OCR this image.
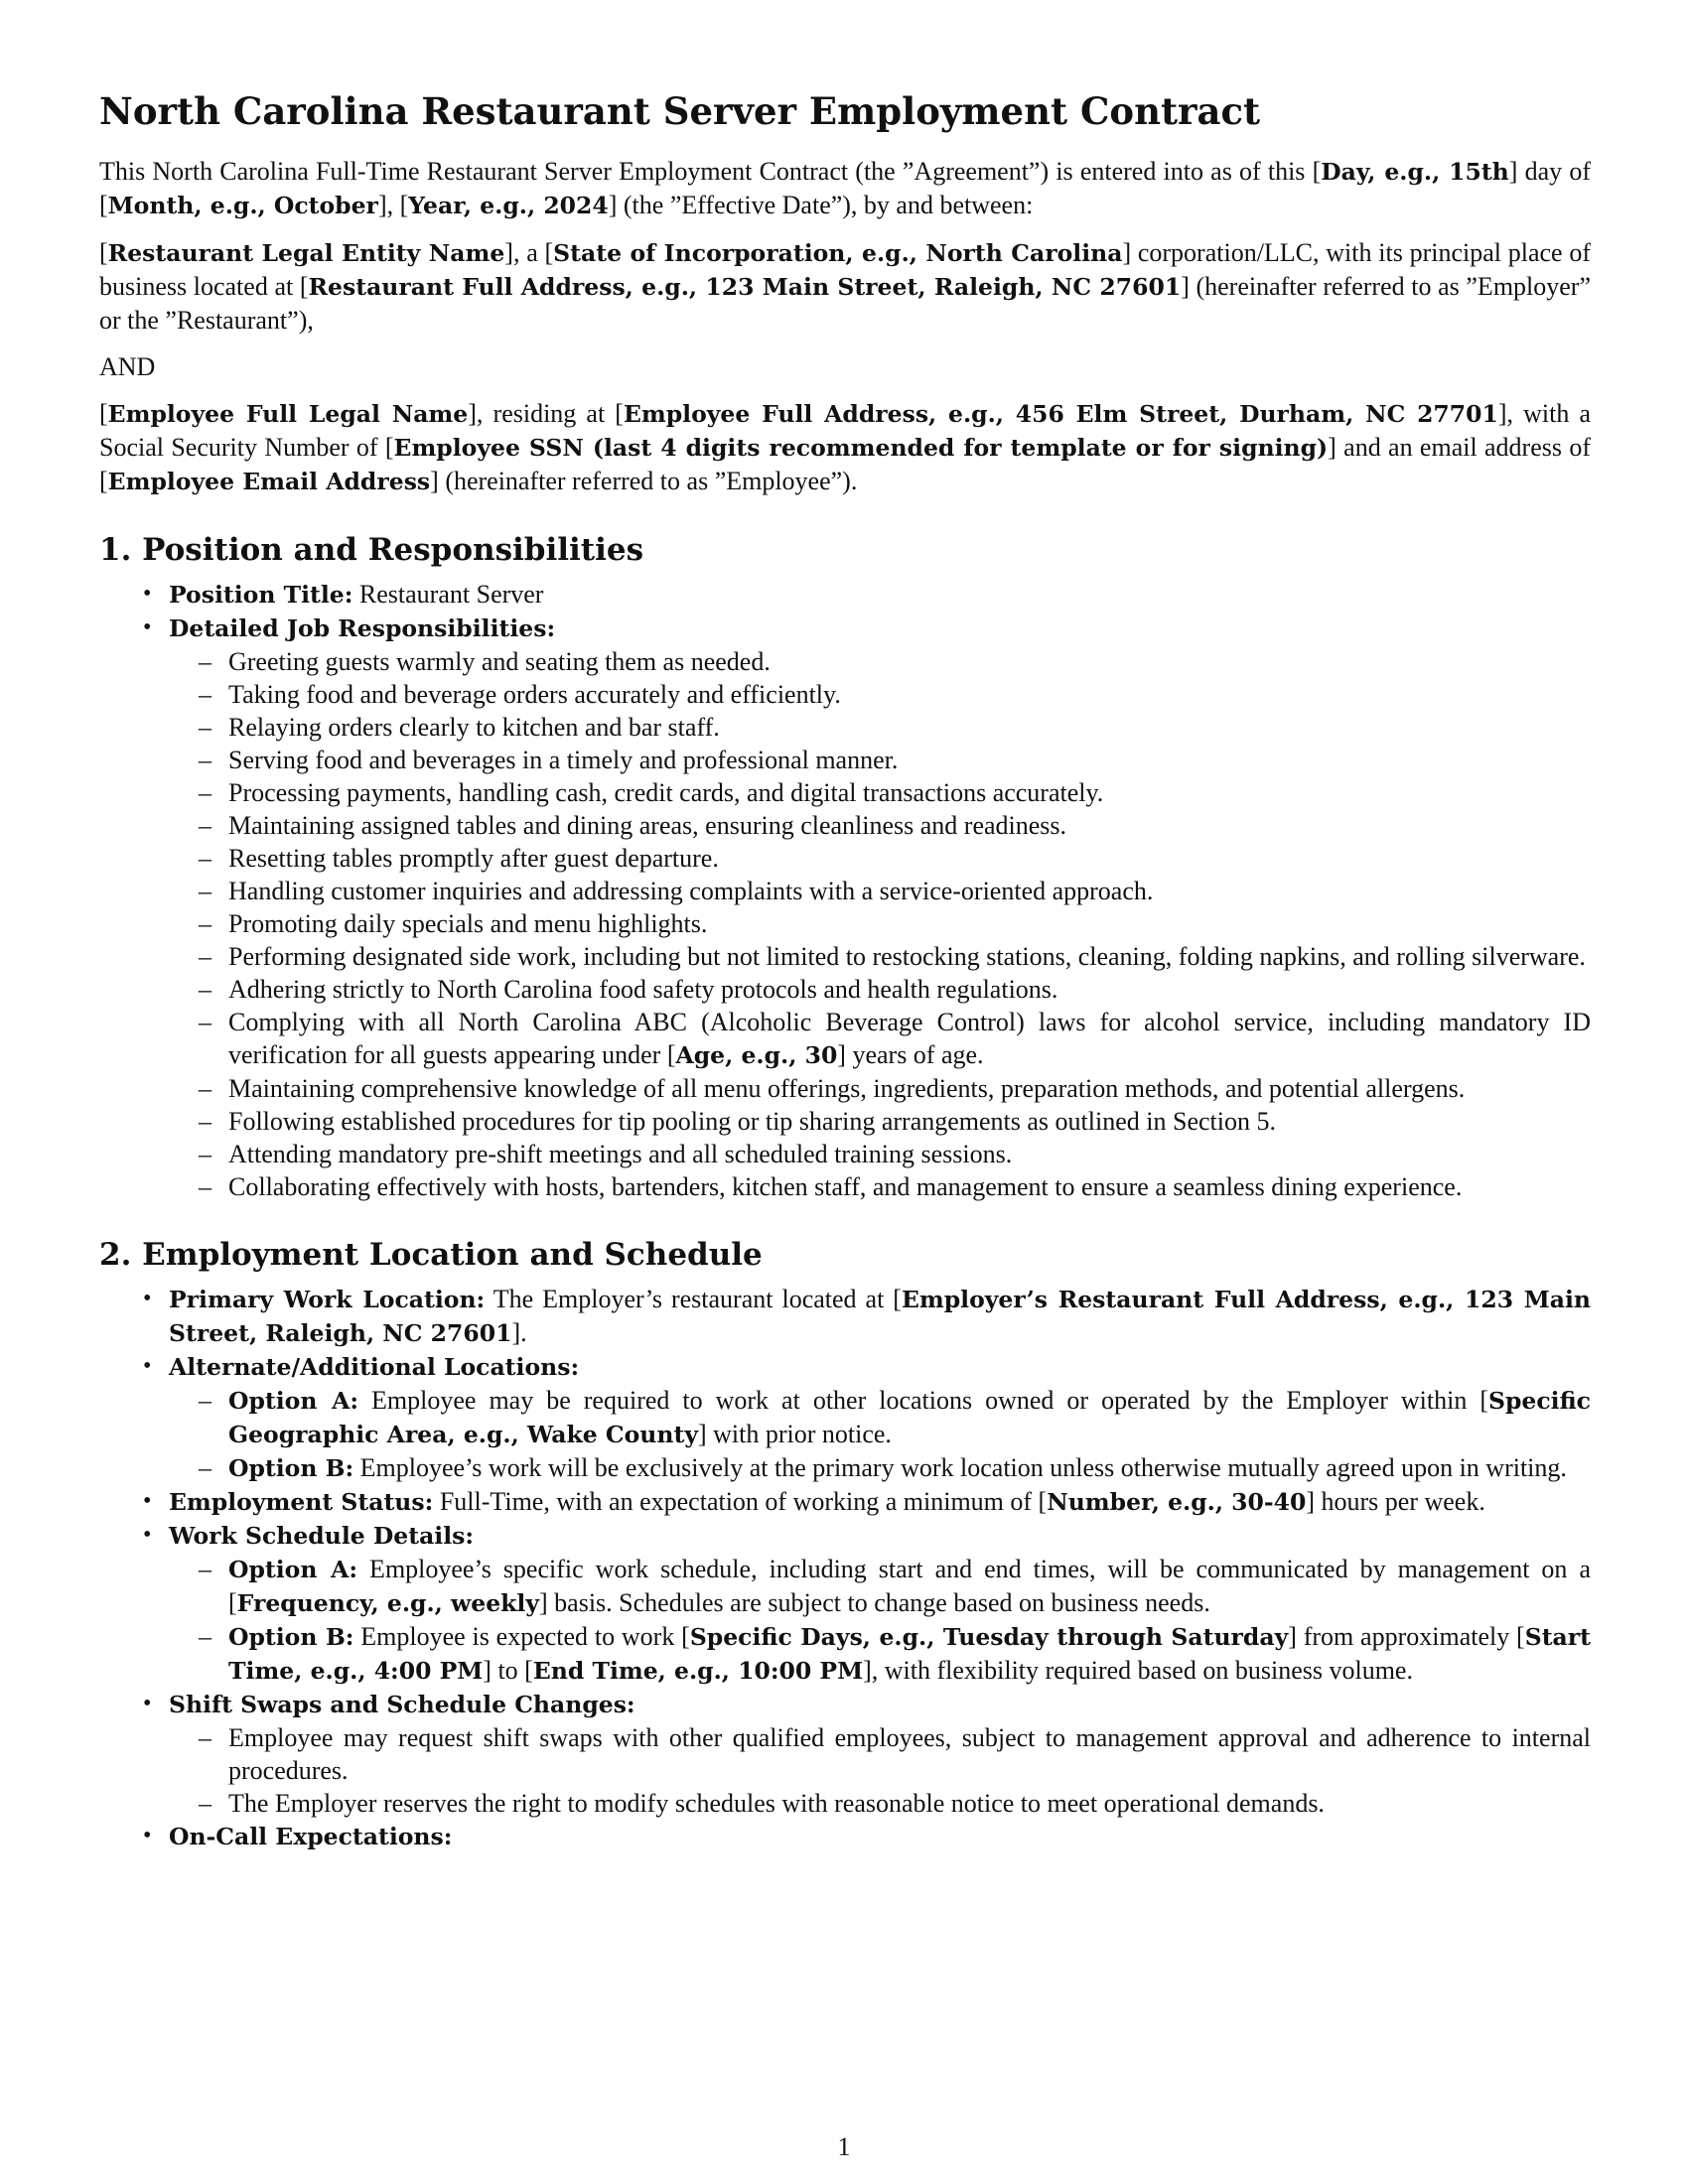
North Carolina Restaurant Server Employment Contract

This North Carolina Full-Time Restaurant Server Employment Contract (the ”Agreement”) is entered into as of this [Day, e.g., 15th] day of [Month, e.g., October], [Year, e.g., 2024] (the ”Effective Date”), by and between:

[Restaurant Legal Entity Name], a [State of Incorporation, e.g., North Carolina] corporation/LLC, with its principal place of business located at [Restaurant Full Address, e.g., 123 Main Street, Raleigh, NC 27601] (hereinafter referred to as ”Employer” or the ”Restaurant”),

AND

[Employee Full Legal Name], residing at [Employee Full Address, e.g., 456 Elm Street, Durham, NC 27701], with a Social Security Number of [Employee SSN (last 4 digits recommended for template or for signing)] and an email address of [Employee Email Address] (hereinafter referred to as ”Employee”).

1. Position and Responsibilities
• Position Title: Restaurant Server
• Detailed Job Responsibilities:
– Greeting guests warmly and seating them as needed.
– Taking food and beverage orders accurately and efficiently.
– Relaying orders clearly to kitchen and bar staff.
– Serving food and beverages in a timely and professional manner.
– Processing payments, handling cash, credit cards, and digital transactions accurately.
– Maintaining assigned tables and dining areas, ensuring cleanliness and readiness.
– Resetting tables promptly after guest departure.
– Handling customer inquiries and addressing complaints with a service-oriented approach.
– Promoting daily specials and menu highlights.
– Performing designated side work, including but not limited to restocking stations, cleaning, folding napkins, and rolling silverware.
– Adhering strictly to North Carolina food safety protocols and health regulations.
– Complying with all North Carolina ABC (Alcoholic Beverage Control) laws for alcohol service, including mandatory ID verification for all guests appearing under [Age, e.g., 30] years of age.
– Maintaining comprehensive knowledge of all menu offerings, ingredients, preparation methods, and potential allergens.
– Following established procedures for tip pooling or tip sharing arrangements as outlined in Section 5.
– Attending mandatory pre-shift meetings and all scheduled training sessions.
– Collaborating effectively with hosts, bartenders, kitchen staff, and management to ensure a seamless dining experience.
2. Employment Location and Schedule
• Primary Work Location: The Employer’s restaurant located at [Employer’s Restaurant Full Address, e.g., 123 Main Street, Raleigh, NC 27601].
• Alternate/Additional Locations:
– Option A: Employee may be required to work at other locations owned or operated by the Employer within [Specific Geographic Area, e.g., Wake County] with prior notice.
– Option B: Employee’s work will be exclusively at the primary work location unless otherwise mutually agreed upon in writing.
• Employment Status: Full-Time, with an expectation of working a minimum of [Number, e.g., 30-40] hours per week.
• Work Schedule Details:
– Option A: Employee’s specific work schedule, including start and end times, will be communicated by management on a [Frequency, e.g., weekly] basis. Schedules are subject to change based on business needs.
– Option B: Employee is expected to work [Specific Days, e.g., Tuesday through Saturday] from approximately [Start Time, e.g., 4:00 PM] to [End Time, e.g., 10:00 PM], with flexibility required based on business volume.
• Shift Swaps and Schedule Changes:
– Employee may request shift swaps with other qualified employees, subject to management approval and adherence to internal procedures.
– The Employer reserves the right to modify schedules with reasonable notice to meet operational demands.
• On-Call Expectations:
1
